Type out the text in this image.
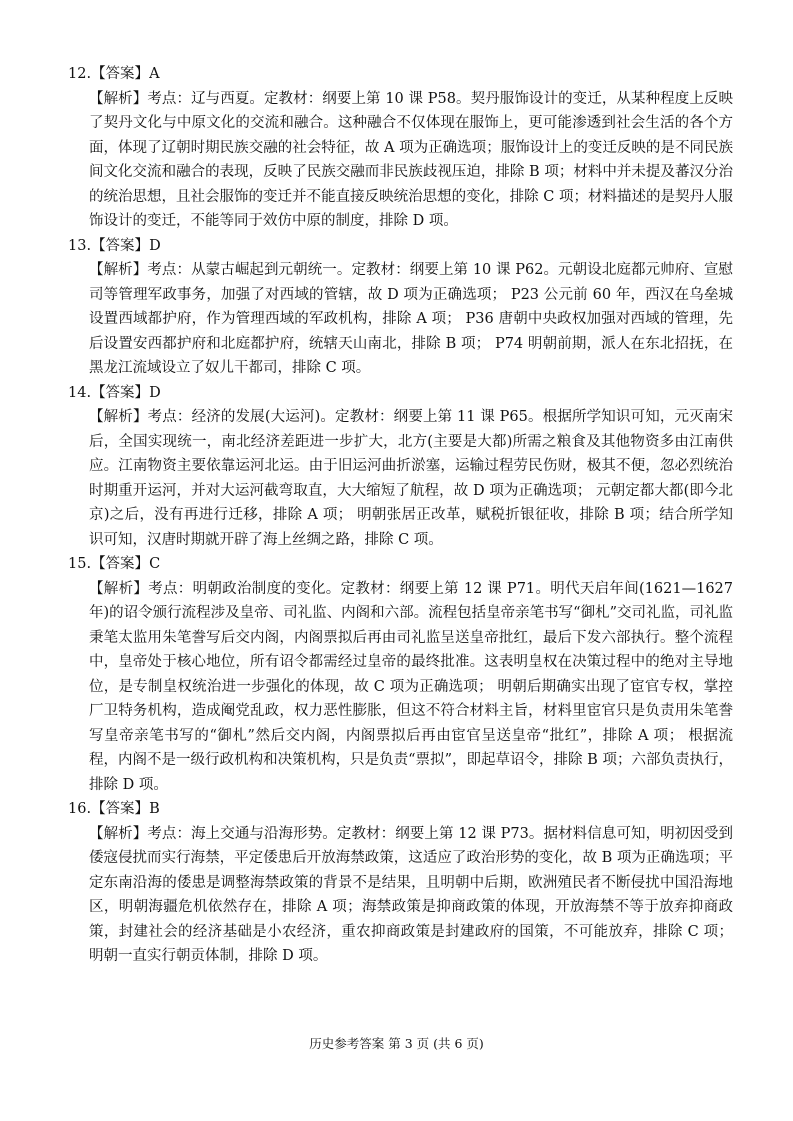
12.【答案】A
【解析】考点：辽与西夏。定教材：纲要上第 10 课 P58。契丹服饰设计的变迁，从某种程度上反映了契丹文化与中原文化的交流和融合。这种融合不仅体现在服饰上，更可能渗透到社会生活的各个方面，体现了辽朝时期民族交融的社会特征，故 A 项为正确选项；服饰设计上的变迁反映的是不同民族间文化交流和融合的表现，反映了民族交融而非民族歧视压迫，排除 B 项；材料中并未提及蕃汉分治的统治思想，且社会服饰的变迁并不能直接反映统治思想的变化，排除 C 项；材料描述的是契丹人服饰设计的变迁，不能等同于效仿中原的制度，排除 D 项。
13.【答案】D
【解析】考点：从蒙古崛起到元朝统一。定教材：纲要上第 10 课 P62。元朝设北庭都元帅府、宣慰司等管理军政事务，加强了对西域的管辖，故 D 项为正确选项； P23 公元前 60 年，西汉在乌垒城设置西域都护府，作为管理西域的军政机构，排除 A 项； P36 唐朝中央政权加强对西域的管理，先后设置安西都护府和北庭都护府，统辖天山南北，排除 B 项； P74 明朝前期，派人在东北招抚，在黑龙江流域设立了奴儿干都司，排除 C 项。
14.【答案】D
【解析】考点：经济的发展(大运河)。定教材：纲要上第 11 课 P65。根据所学知识可知，元灭南宋后，全国实现统一，南北经济差距进一步扩大，北方(主要是大都)所需之粮食及其他物资多由江南供应。江南物资主要依靠运河北运。由于旧运河曲折淤塞，运输过程劳民伤财，极其不便，忽必烈统治时期重开运河，并对大运河截弯取直，大大缩短了航程，故 D 项为正确选项； 元朝定都大都(即今北京)之后，没有再进行迁移，排除 A 项； 明朝张居正改革，赋税折银征收，排除 B 项；结合所学知识可知，汉唐时期就开辟了海上丝绸之路，排除 C 项。
15.【答案】C
【解析】考点：明朝政治制度的变化。定教材：纲要上第 12 课 P71。明代天启年间(1621—1627 年)的诏令颁行流程涉及皇帝、司礼监、内阁和六部。流程包括皇帝亲笔书写“御札”交司礼监，司礼监秉笔太监用朱笔誊写后交内阁，内阁票拟后再由司礼监呈送皇帝批红，最后下发六部执行。整个流程中，皇帝处于核心地位，所有诏令都需经过皇帝的最终批准。这表明皇权在决策过程中的绝对主导地位，是专制皇权统治进一步强化的体现，故 C 项为正确选项； 明朝后期确实出现了宦官专权，掌控厂卫特务机构，造成阉党乱政，权力恶性膨胀，但这不符合材料主旨，材料里宦官只是负责用朱笔誊写皇帝亲笔书写的“御札”然后交内阁，内阁票拟后再由宦官呈送皇帝“批红”，排除 A 项； 根据流程，内阁不是一级行政机构和决策机构，只是负责“票拟”，即起草诏令，排除 B 项；六部负责执行，排除 D 项。
16.【答案】B
【解析】考点：海上交通与沿海形势。定教材：纲要上第 12 课 P73。据材料信息可知，明初因受到倭寇侵扰而实行海禁，平定倭患后开放海禁政策，这适应了政治形势的变化，故 B 项为正确选项；平定东南沿海的倭患是调整海禁政策的背景不是结果，且明朝中后期，欧洲殖民者不断侵扰中国沿海地区，明朝海疆危机依然存在，排除 A 项；海禁政策是抑商政策的体现，开放海禁不等于放弃抑商政策，封建社会的经济基础是小农经济，重农抑商政策是封建政府的国策，不可能放弃，排除 C 项； 明朝一直实行朝贡体制，排除 D 项。
历史参考答案 第 3 页 (共 6 页)
